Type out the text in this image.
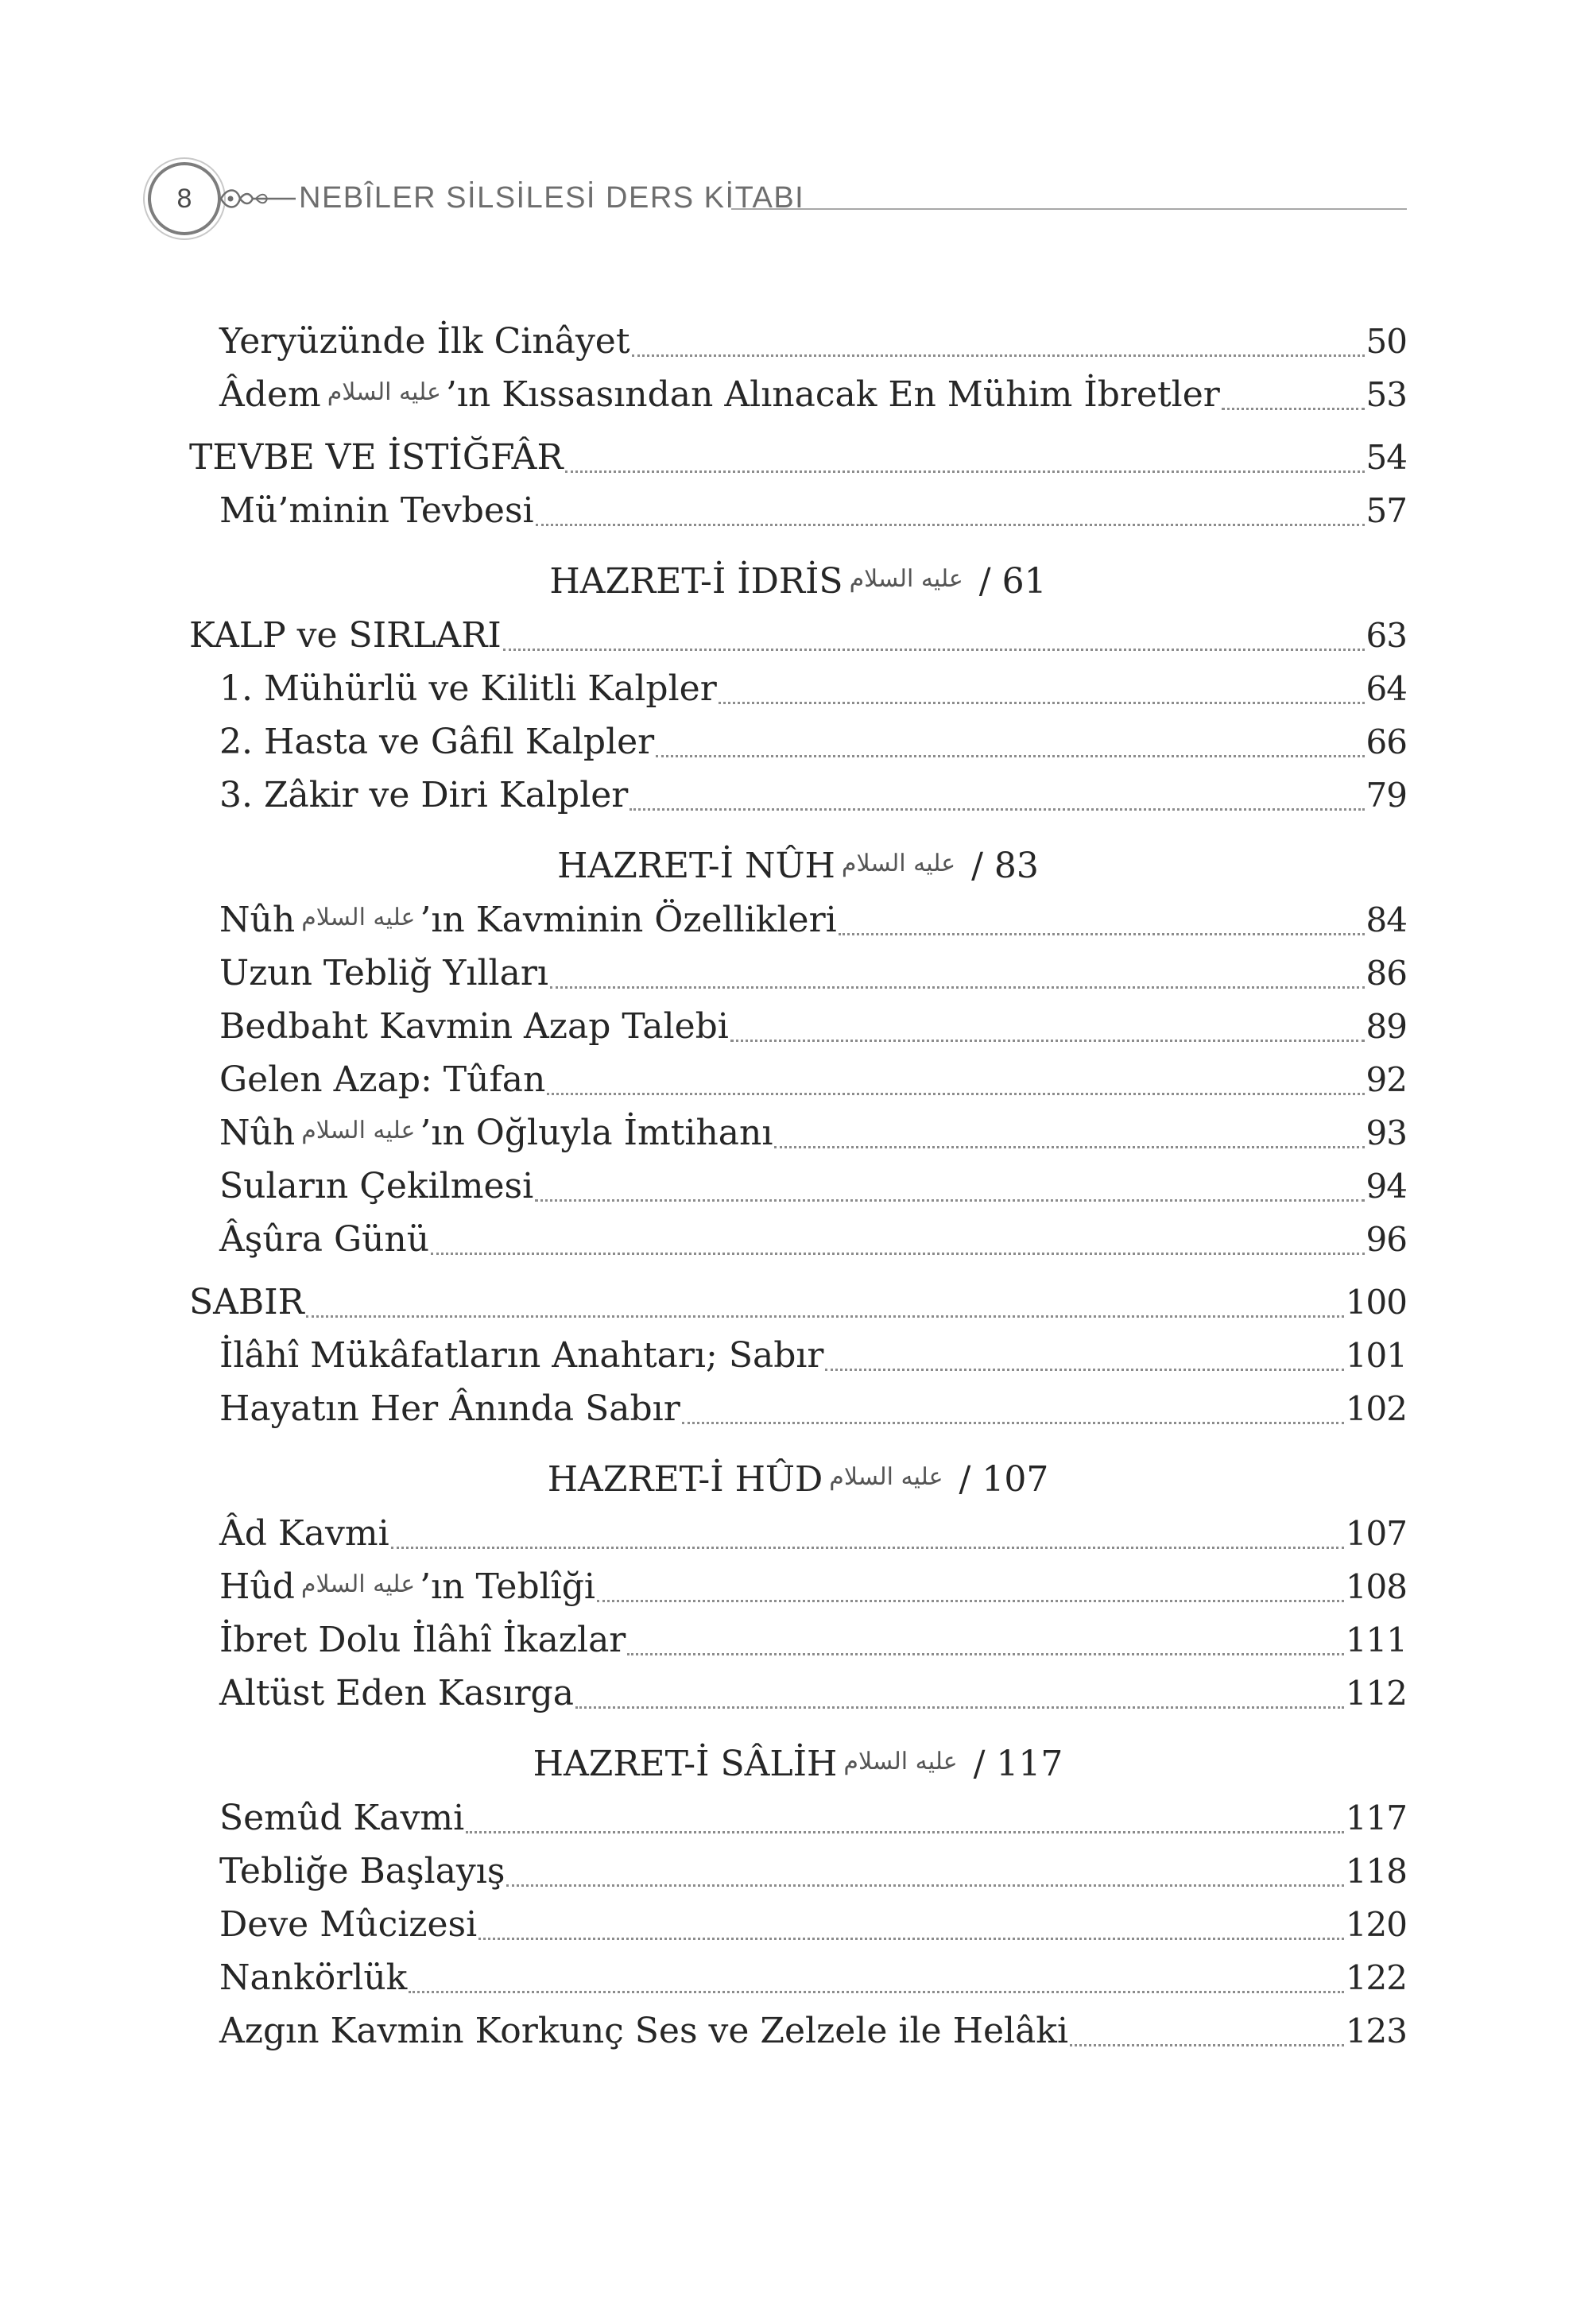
8	NEBÎLER SİLSİLESİ DERS KİTABI
Yeryüzünde İlk Cinâyet	50
Âdem عليه السلام ’ın Kıssasından Alınacak En Mühim İbretler	53
TEVBE VE İSTİĞFÂR	54
Mü’minin Tevbesi	57
HAZRET-İ İDRİS عليه السلام / 61
KALP ve SIRLARI	63
1. Mühürlü ve Kilitli Kalpler	64
2. Hasta ve Gâfil Kalpler	66
3. Zâkir ve Diri Kalpler	79
HAZRET-İ NÛH عليه السلام / 83
Nûh عليه السلام ’ın Kavminin Özellikleri	84
Uzun Tebliğ Yılları	86
Bedbaht Kavmin Azap Talebi	89
Gelen Azap: Tûfan	92
Nûh عليه السلام ’ın Oğluyla İmtihanı	93
Suların Çekilmesi	94
Âşûra Günü	96
SABIR	100
İlâhî Mükâfatların Anahtarı; Sabır	101
Hayatın Her Ânında Sabır	102
HAZRET-İ HÛD عليه السلام / 107
Âd Kavmi	107
Hûd عليه السلام ’ın Teblîği	108
İbret Dolu İlâhî İkazlar	111
Altüst Eden Kasırga	112
HAZRET-İ SÂLİH عليه السلام / 117
Semûd Kavmi	117
Tebliğe Başlayış	118
Deve Mûcizesi	120
Nankörlük	122
Azgın Kavmin Korkunç Ses ve Zelzele ile Helâki	123
